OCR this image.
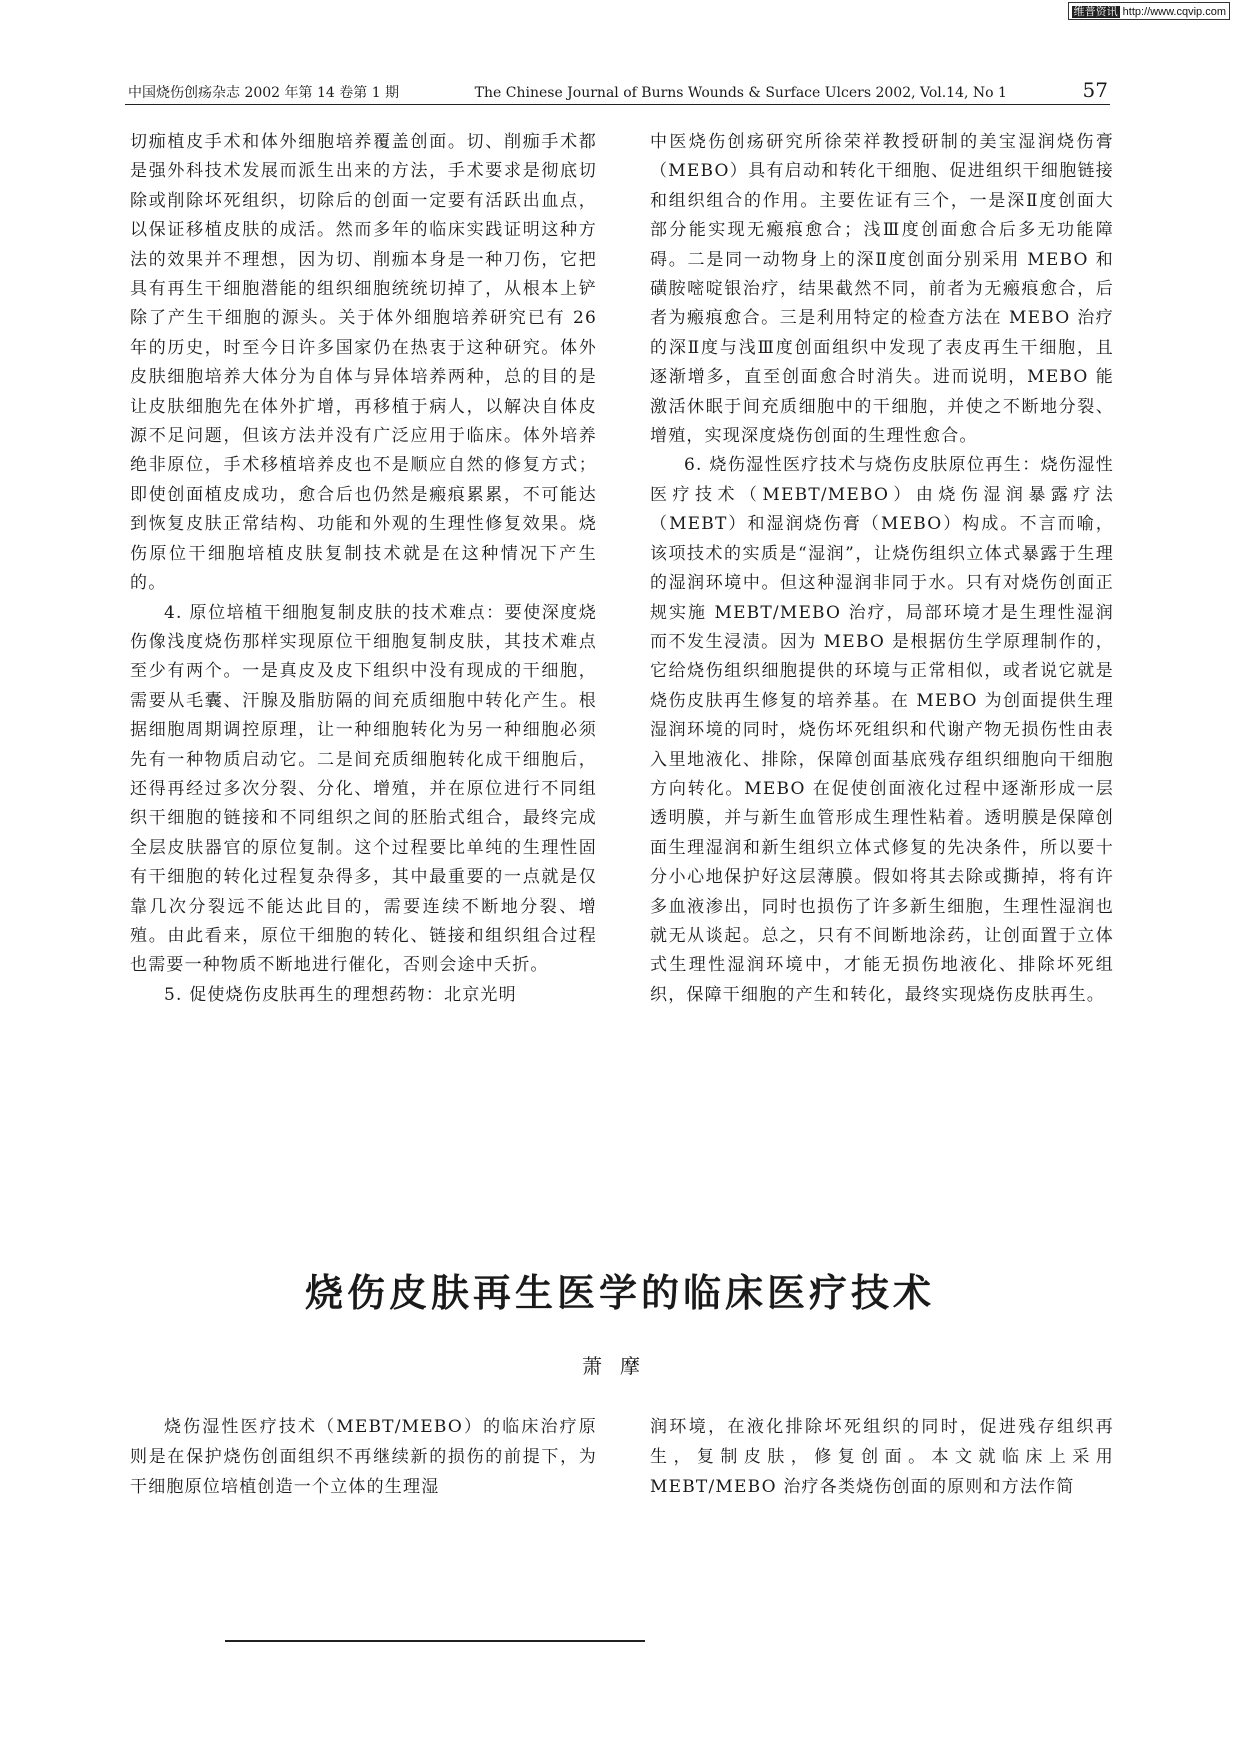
维普资讯 http://www.cqvip.com
中国烧伤创疡杂志 2002 年第 14 卷第 1 期	The Chinese Journal of Burns Wounds & Surface Ulcers 2002, Vol.14, No 1	57

切痂植皮手术和体外细胞培养覆盖创面。切、削痂手术都是强外科技术发展而派生出来的方法，手术要求是彻底切除或削除坏死组织，切除后的创面一定要有活跃出血点，以保证移植皮肤的成活。然而多年的临床实践证明这种方法的效果并不理想，因为切、削痂本身是一种刀伤，它把具有再生干细胞潜能的组织细胞统统切掉了，从根本上铲除了产生干细胞的源头。关于体外细胞培养研究已有 26 年的历史，时至今日许多国家仍在热衷于这种研究。体外皮肤细胞培养大体分为自体与异体培养两种，总的目的是让皮肤细胞先在体外扩增，再移植于病人，以解决自体皮源不足问题，但该方法并没有广泛应用于临床。体外培养绝非原位，手术移植培养皮也不是顺应自然的修复方式；即使创面植皮成功，愈合后也仍然是瘢痕累累，不可能达到恢复皮肤正常结构、功能和外观的生理性修复效果。烧伤原位干细胞培植皮肤复制技术就是在这种情况下产生的。

4. 原位培植干细胞复制皮肤的技术难点：要使深度烧伤像浅度烧伤那样实现原位干细胞复制皮肤，其技术难点至少有两个。一是真皮及皮下组织中没有现成的干细胞，需要从毛囊、汗腺及脂肪隔的间充质细胞中转化产生。根据细胞周期调控原理，让一种细胞转化为另一种细胞必须先有一种物质启动它。二是间充质细胞转化成干细胞后，还得再经过多次分裂、分化、增殖，并在原位进行不同组织干细胞的链接和不同组织之间的胚胎式组合，最终完成全层皮肤器官的原位复制。这个过程要比单纯的生理性固有干细胞的转化过程复杂得多，其中最重要的一点就是仅靠几次分裂远不能达此目的，需要连续不断地分裂、增殖。由此看来，原位干细胞的转化、链接和组织组合过程也需要一种物质不断地进行催化，否则会途中夭折。

5. 促使烧伤皮肤再生的理想药物：北京光明

中医烧伤创疡研究所徐荣祥教授研制的美宝湿润烧伤膏（MEBO）具有启动和转化干细胞、促进组织干细胞链接和组织组合的作用。主要佐证有三个，一是深Ⅱ度创面大部分能实现无瘢痕愈合；浅Ⅲ度创面愈合后多无功能障碍。二是同一动物身上的深Ⅱ度创面分别采用 MEBO 和磺胺嘧啶银治疗，结果截然不同，前者为无瘢痕愈合，后者为瘢痕愈合。三是利用特定的检查方法在 MEBO 治疗的深Ⅱ度与浅Ⅲ度创面组织中发现了表皮再生干细胞，且逐渐增多，直至创面愈合时消失。进而说明，MEBO 能激活休眠于间充质细胞中的干细胞，并使之不断地分裂、增殖，实现深度烧伤创面的生理性愈合。

6. 烧伤湿性医疗技术与烧伤皮肤原位再生：烧伤湿性医疗技术（MEBT/MEBO）由烧伤湿润暴露疗法（MEBT）和湿润烧伤膏（MEBO）构成。不言而喻，该项技术的实质是“湿润”，让烧伤组织立体式暴露于生理的湿润环境中。但这种湿润非同于水。只有对烧伤创面正规实施 MEBT/MEBO 治疗，局部环境才是生理性湿润而不发生浸渍。因为 MEBO 是根据仿生学原理制作的，它给烧伤组织细胞提供的环境与正常相似，或者说它就是烧伤皮肤再生修复的培养基。在 MEBO 为创面提供生理湿润环境的同时，烧伤坏死组织和代谢产物无损伤性由表入里地液化、排除，保障创面基底残存组织细胞向干细胞方向转化。MEBO 在促使创面液化过程中逐渐形成一层透明膜，并与新生血管形成生理性粘着。透明膜是保障创面生理湿润和新生组织立体式修复的先决条件，所以要十分小心地保护好这层薄膜。假如将其去除或撕掉，将有许多血液渗出，同时也损伤了许多新生细胞，生理性湿润也就无从谈起。总之，只有不间断地涂药，让创面置于立体式生理性湿润环境中，才能无损伤地液化、排除坏死组织，保障干细胞的产生和转化，最终实现烧伤皮肤再生。

烧伤皮肤再生医学的临床医疗技术
萧摩

烧伤湿性医疗技术（MEBT/MEBO）的临床治疗原则是在保护烧伤创面组织不再继续新的损伤的前提下，为干细胞原位培植创造一个立体的生理湿

润环境，在液化排除坏死组织的同时，促进残存组织再生，复制皮肤，修复创面。本文就临床上采用 MEBT/MEBO 治疗各类烧伤创面的原则和方法作简
